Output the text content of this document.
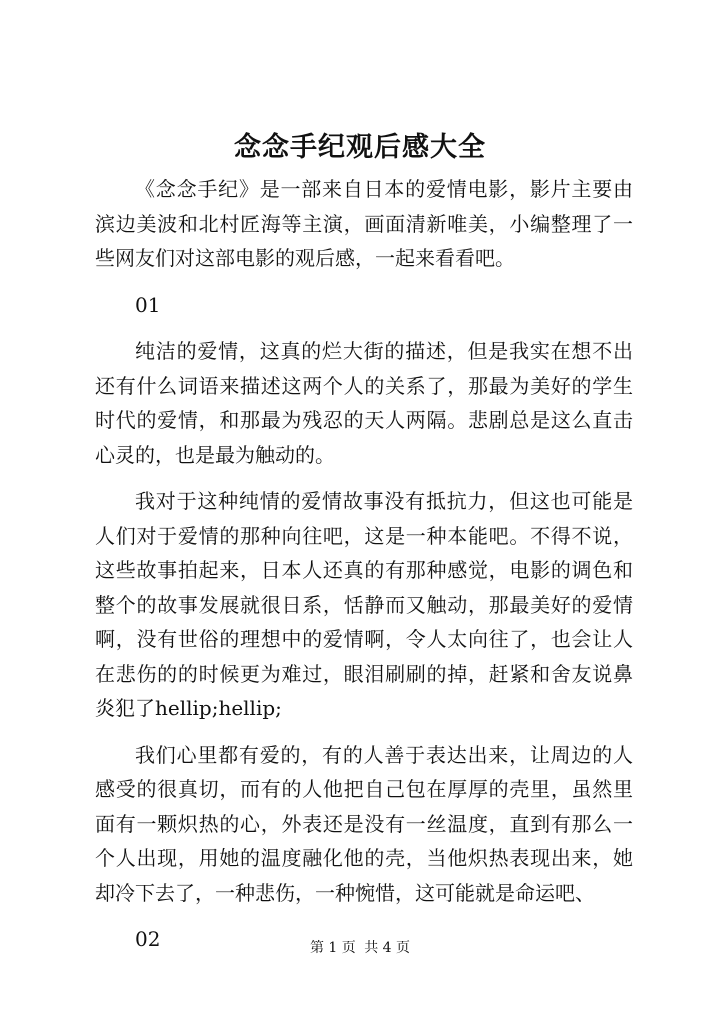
念念手纪观后感大全

《念念手纪》是一部来自日本的爱情电影，影片主要由滨边美波和北村匠海等主演，画面清新唯美，小编整理了一些网友们对这部电影的观后感，一起来看看吧。

01

纯洁的爱情，这真的烂大街的描述，但是我实在想不出还有什么词语来描述这两个人的关系了，那最为美好的学生时代的爱情，和那最为残忍的天人两隔。悲剧总是这么直击心灵的，也是最为触动的。

我对于这种纯情的爱情故事没有抵抗力，但这也可能是人们对于爱情的那种向往吧，这是一种本能吧。不得不说，这些故事拍起来，日本人还真的有那种感觉，电影的调色和整个的故事发展就很日系，恬静而又触动，那最美好的爱情啊，没有世俗的理想中的爱情啊，令人太向往了，也会让人在悲伤的的时候更为难过，眼泪刷刷的掉，赶紧和舍友说鼻炎犯了hellip;hellip;

我们心里都有爱的，有的人善于表达出来，让周边的人感受的很真切，而有的人他把自己包在厚厚的壳里，虽然里面有一颗炽热的心，外表还是没有一丝温度，直到有那么一个人出现，用她的温度融化他的壳，当他炽热表现出来，她却冷下去了，一种悲伤，一种惋惜，这可能就是命运吧、

02	第 1 页 共 4 页
